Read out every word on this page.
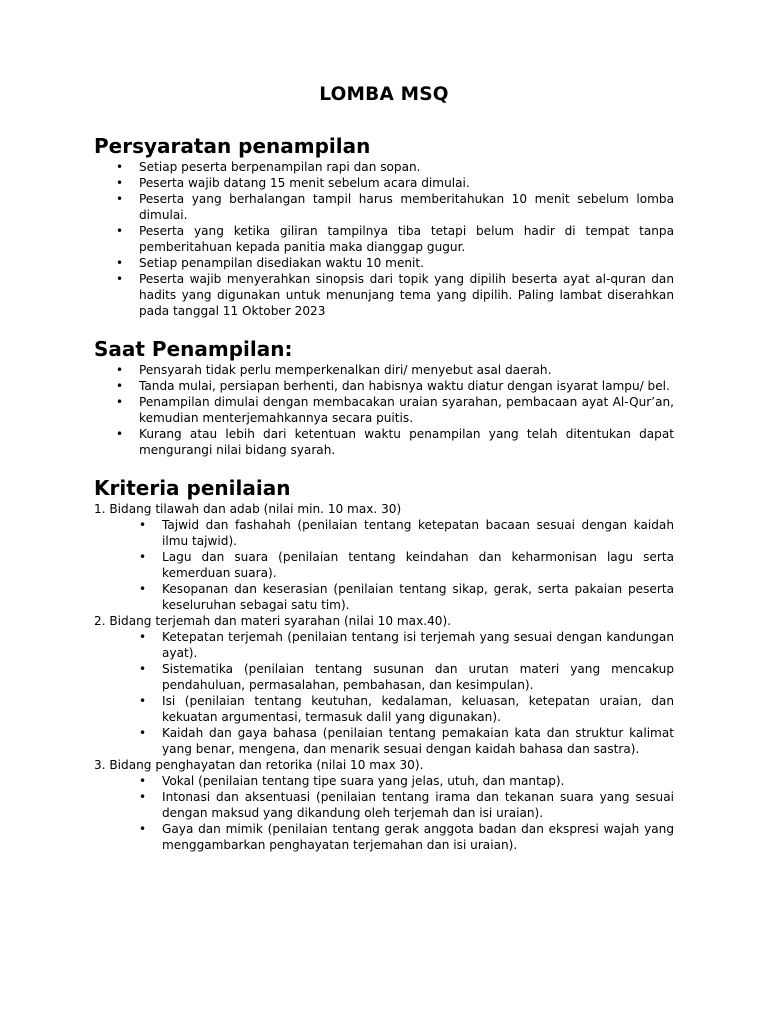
LOMBA MSQ
Persyaratan penampilan
• Setiap peserta berpenampilan rapi dan sopan.
• Peserta wajib datang 15 menit sebelum acara dimulai.
• Peserta yang berhalangan tampil harus memberitahukan 10 menit sebelum lomba dimulai.
• Peserta yang ketika giliran tampilnya tiba tetapi belum hadir di tempat tanpa pemberitahuan kepada panitia maka dianggap gugur.
• Setiap penampilan disediakan waktu 10 menit.
• Peserta wajib menyerahkan sinopsis dari topik yang dipilih beserta ayat al-quran dan hadits yang digunakan untuk menunjang tema yang dipilih. Paling lambat diserahkan pada tanggal 11 Oktober 2023
Saat Penampilan:
• Pensyarah tidak perlu memperkenalkan diri/ menyebut asal daerah.
• Tanda mulai, persiapan berhenti, dan habisnya waktu diatur dengan isyarat lampu/ bel.
• Penampilan dimulai dengan membacakan uraian syarahan, pembacaan ayat Al-Qur’an, kemudian menterjemahkannya secara puitis.
• Kurang atau lebih dari ketentuan waktu penampilan yang telah ditentukan dapat mengurangi nilai bidang syarah.
Kriteria penilaian
1. Bidang tilawah dan adab (nilai min. 10 max. 30)
• Tajwid dan fashahah (penilaian tentang ketepatan bacaan sesuai dengan kaidah ilmu tajwid).
• Lagu dan suara (penilaian tentang keindahan dan keharmonisan lagu serta kemerduan suara).
• Kesopanan dan keserasian (penilaian tentang sikap, gerak, serta pakaian peserta keseluruhan sebagai satu tim).
2. Bidang terjemah dan materi syarahan (nilai 10 max.40).
• Ketepatan terjemah (penilaian tentang isi terjemah yang sesuai dengan kandungan ayat).
• Sistematika (penilaian tentang susunan dan urutan materi yang mencakup pendahuluan, permasalahan, pembahasan, dan kesimpulan).
• Isi (penilaian tentang keutuhan, kedalaman, keluasan, ketepatan uraian, dan kekuatan argumentasi, termasuk dalil yang digunakan).
• Kaidah dan gaya bahasa (penilaian tentang pemakaian kata dan struktur kalimat yang benar, mengena, dan menarik sesuai dengan kaidah bahasa dan sastra).
3. Bidang penghayatan dan retorika (nilai 10 max 30).
• Vokal (penilaian tentang tipe suara yang jelas, utuh, dan mantap).
• Intonasi dan aksentuasi (penilaian tentang irama dan tekanan suara yang sesuai dengan maksud yang dikandung oleh terjemah dan isi uraian).
• Gaya dan mimik (penilaian tentang gerak anggota badan dan ekspresi wajah yang menggambarkan penghayatan terjemahan dan isi uraian).
